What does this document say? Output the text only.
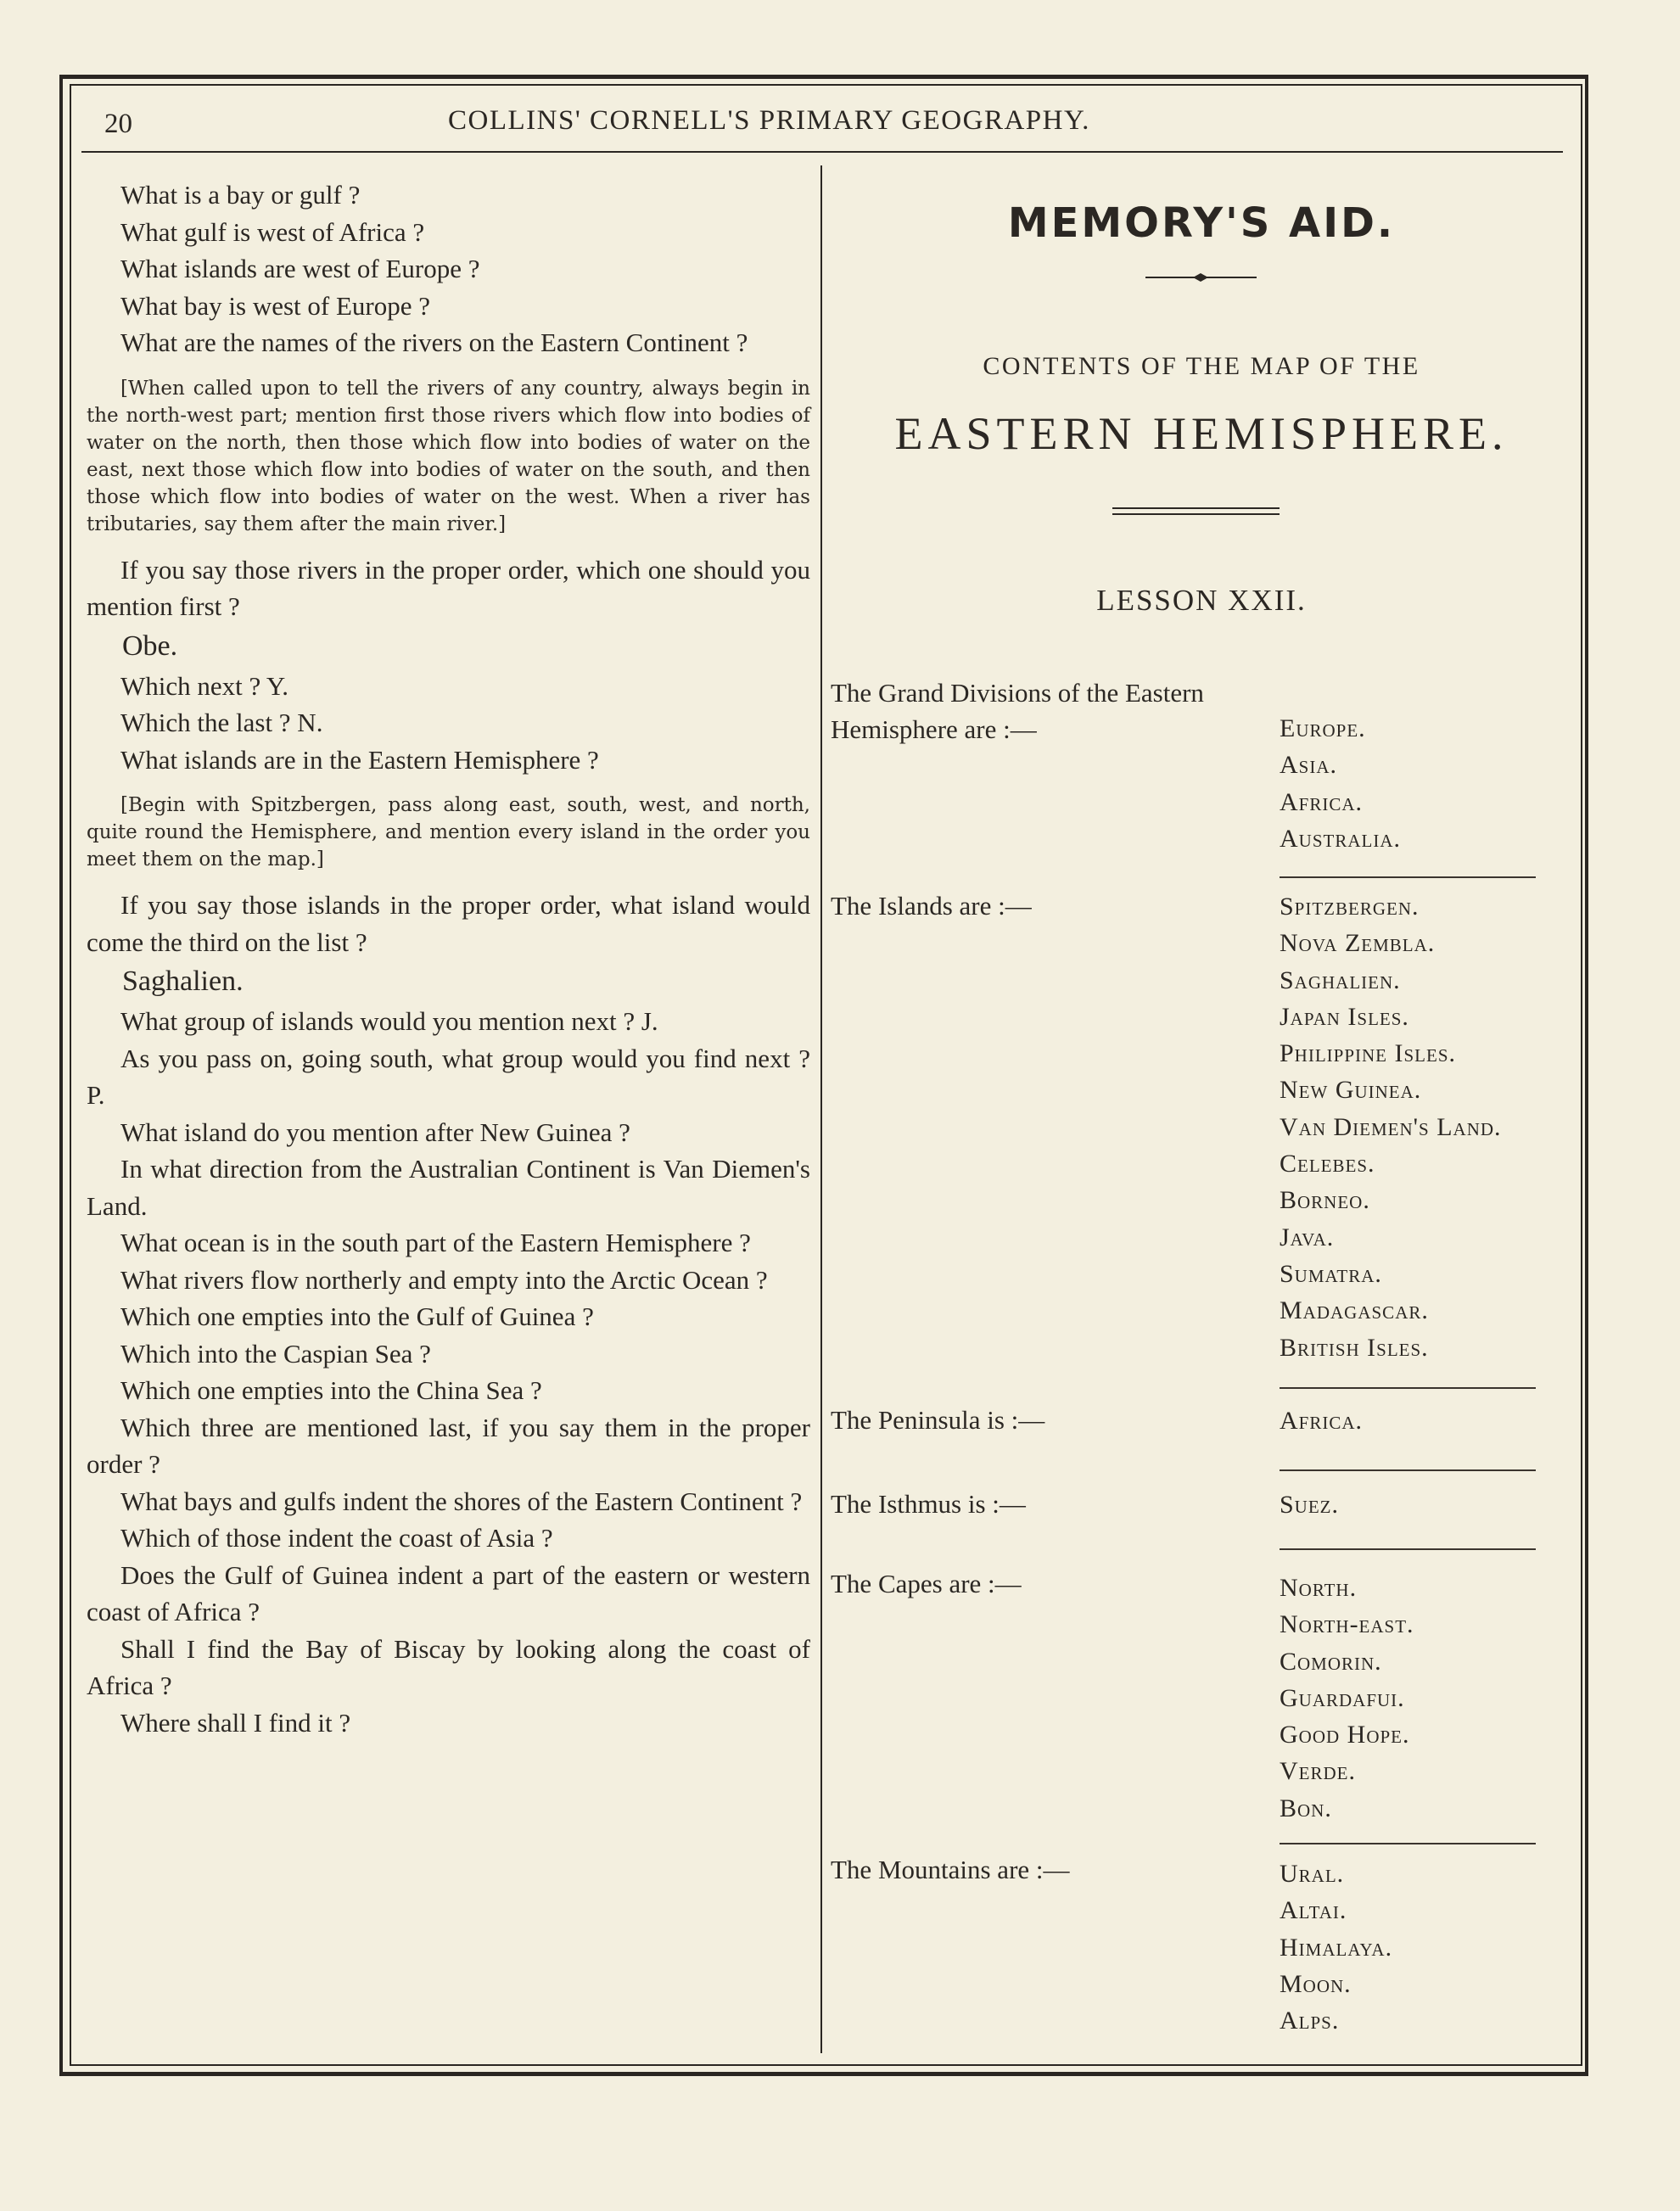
20	COLLINS' CORNELL'S PRIMARY GEOGRAPHY.

What is a bay or gulf ?

What gulf is west of Africa ?

What islands are west of Europe ?

What bay is west of Europe ?

What are the names of the rivers on the Eastern Continent ?

[When called upon to tell the rivers of any country, always begin in the north-west part; mention first those rivers which flow into bodies of water on the north, then those which flow into bodies of water on the east, next those which flow into bodies of water on the south, and then those which flow into bodies of water on the west. When a river has tributaries, say them after the main river.]

If you say those rivers in the proper order, which one should you mention first ?

Obe.

Which next ? Y.

Which the last ? N.

What islands are in the Eastern Hemisphere ?

[Begin with Spitzbergen, pass along east, south, west, and north, quite round the Hemisphere, and mention every island in the order you meet them on the map.]

If you say those islands in the proper order, what island would come the third on the list ?

Saghalien.

What group of islands would you mention next ? J.

As you pass on, going south, what group would you find next ? P.

What island do you mention after New Guinea ?

In what direction from the Australian Continent is Van Diemen's Land.

What ocean is in the south part of the Eastern Hemisphere ?

What rivers flow northerly and empty into the Arctic Ocean ?

Which one empties into the Gulf of Guinea ?

Which into the Caspian Sea ?

Which one empties into the China Sea ?

Which three are mentioned last, if you say them in the proper order ?

What bays and gulfs indent the shores of the Eastern Continent ?

Which of those indent the coast of Asia ?

Does the Gulf of Guinea indent a part of the eastern or western coast of Africa ?

Shall I find the Bay of Biscay by looking along the coast of Africa ?

Where shall I find it ?

MEMORY'S AID.
CONTENTS OF THE MAP OF THE
EASTERN HEMISPHERE.
LESSON XXII.
The Grand Divisions of the Eastern Hemisphere are :—	Europe.
Asia.
Africa.
Australia.
The Islands are :—	Spitzbergen.
Nova Zembla.
Saghalien.
Japan Isles.
Philippine Isles.
New Guinea.
Van Diemen's Land.
Celebes.
Borneo.
Java.
Sumatra.
Madagascar.
British Isles.
The Peninsula is :—	Africa.
The Isthmus is :—	Suez.
The Capes are :—	North.
North-east.
Comorin.
Guardafui.
Good Hope.
Verde.
Bon.
The Mountains are :—	Ural.
Altai.
Himalaya.
Moon.
Alps.
